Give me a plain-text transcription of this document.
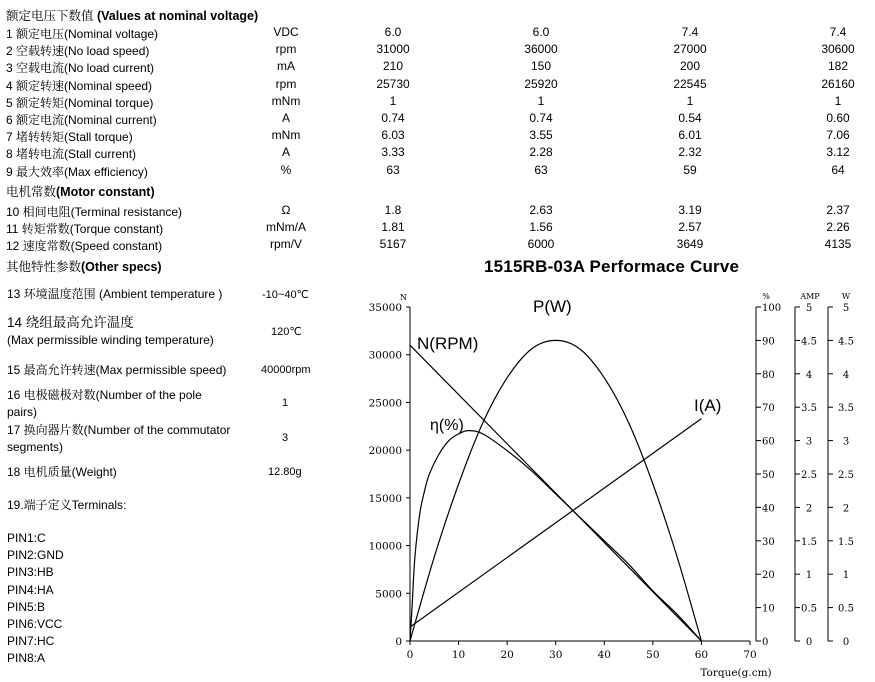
额定电压下数值 (Values at nominal voltage)
1 额定电压(Nominal voltage)	VDC	6.0	6.0	7.4	7.4
2 空载转速(No load speed)	rpm	31000	36000	27000	30600
3 空载电流(No load current)	mA	210	150	200	182
4 额定转速(Nominal speed)	rpm	25730	25920	22545	26160
5 额定转矩(Nominal torque)	mNm	1	1	1	1
6 额定电流(Nominal current)	A	0.74	0.74	0.54	0.60
7 堵转转矩(Stall torque)	mNm	6.03	3.55	6.01	7.06
8 堵转电流(Stall current)	A	3.33	2.28	2.32	3.12
9 最大效率(Max efficiency)	%	63	63	59	64
电机常数(Motor constant)
10 相间电阻(Terminal resistance)	Ω	1.8	2.63	3.19	2.37
11 转矩常数(Torque constant)	mNm/A	1.81	1.56	2.57	2.26
12 速度常数(Speed constant)	rpm/V	5167	6000	3649	4135
其他特性参数(Other specs)
13 环境温度范围 (Ambient temperature )	-10~40℃
14 绕组最高允许温度
(Max permissible winding temperature)
120℃
15 最高允许转速(Max permissible speed)	40000rpm
16 电极磁极对数(Number of the pole
pairs)
1
17 换向器片数(Number of the commutator
segments)
3
18 电机质量(Weight)	12.80g
19.端子定义Terminals:
PIN1:C
PIN2:GND
PIN3:HB
PIN4:HA
PIN5:B
PIN6:VCC
PIN7:HC
PIN8:A
1515RB-03A Performace Curve
N
0
5000
10000
15000
20000
25000
30000
35000
0	10	20	30	40	50	60	70
Torque(g.cm)
%
0
10
20
30
40
50
60
70
80
90
100
AMP
0
0.5
1
1.5
2
2.5
3
3.5
4
4.5
5
W
0
0.5
1
1.5
2
2.5
3
3.5
4
4.5
5
N(RPM)
P(W)
η(%)
I(A)
